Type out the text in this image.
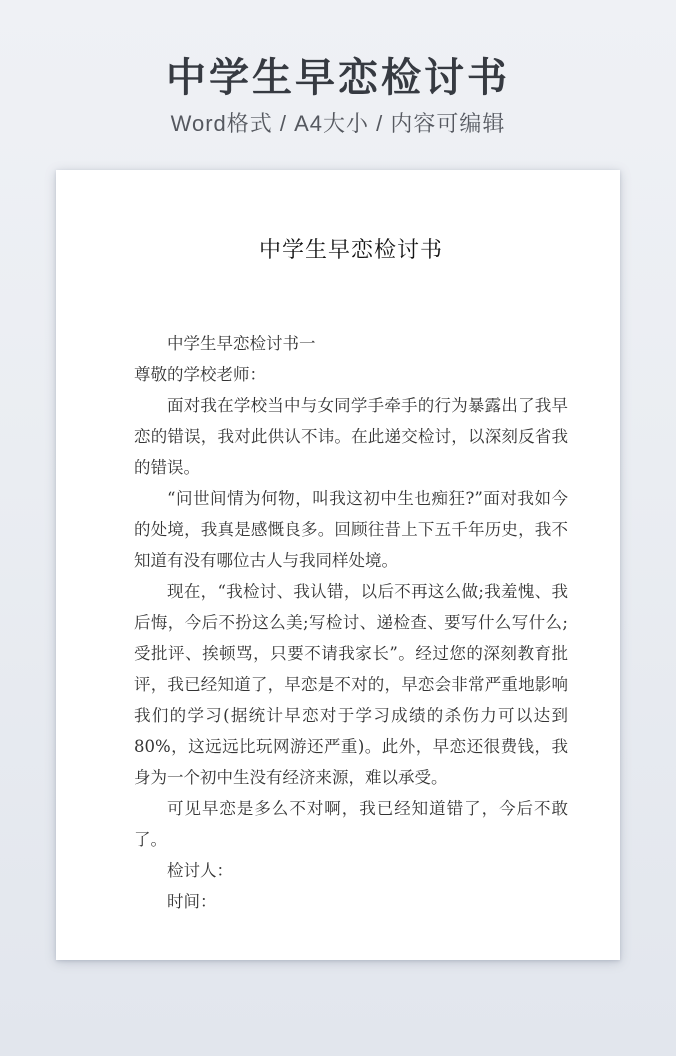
中学生早恋检讨书
Word格式 / A4大小 / 内容可编辑
中学生早恋检讨书

中学生早恋检讨书一

尊敬的学校老师：

面对我在学校当中与女同学手牵手的行为暴露出了我早恋的错误，我对此供认不讳。在此递交检讨，以深刻反省我的错误。

“问世间情为何物，叫我这初中生也痴狂?”面对我如今的处境，我真是感慨良多。回顾往昔上下五千年历史，我不知道有没有哪位古人与我同样处境。

现在，“我检讨、我认错，以后不再这么做;我羞愧、我后悔，今后不扮这么美;写检讨、递检查、要写什么写什么;受批评、挨顿骂，只要不请我家长”。经过您的深刻教育批评，我已经知道了，早恋是不对的，早恋会非常严重地影响我们的学习(据统计早恋对于学习成绩的杀伤力可以达到80%，这远远比玩网游还严重)。此外，早恋还很费钱，我身为一个初中生没有经济来源，难以承受。

可见早恋是多么不对啊，我已经知道错了，今后不敢了。

检讨人：

时间：
